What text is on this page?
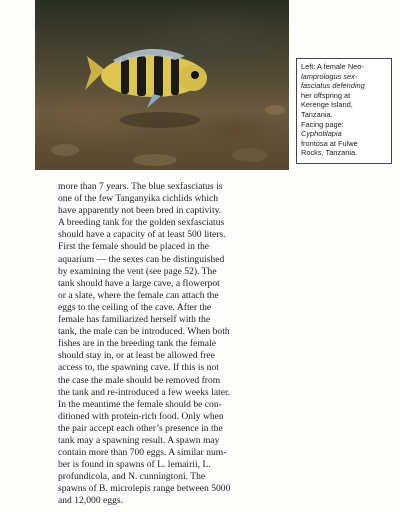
Left: A female Neo-

lamprologus sex-

fasciatus defending

her offspring at

Kerenge Island,

Tanzania.

Facing page:

Cyphotilapia

frontosa at Fulwe

Rocks, Tanzania.

more than 7 years. The blue sexfasciatus is

one of the few Tanganyika cichlids which

have apparently not been bred in captivity.

A breeding tank for the golden sexfasciatus

should have a capacity of at least 500 liters.

First the female should be placed in the

aquarium — the sexes can be distinguished

by examining the vent (see page 52). The

tank should have a large cave, a flowerpot

or a slate, where the female can attach the

eggs to the ceiling of the cave. After the

female has familiarized herself with the

tank, the male can be introduced. When both

fishes are in the breeding tank the female

should stay in, or at least be allowed free

access to, the spawning cave. If this is not

the case the male should be removed from

the tank and re-introduced a few weeks later.

In the meantime the female should be con-

ditioned with protein-rich food. Only when

the pair accept each other’s presence in the

tank may a spawning result. A spawn may

contain more than 700 eggs. A similar num-

ber is found in spawns of L. lemairii, L.

profundicola, and N. cunningtoni. The

spawns of B. microlepis range between 5000

and 12,000 eggs.
